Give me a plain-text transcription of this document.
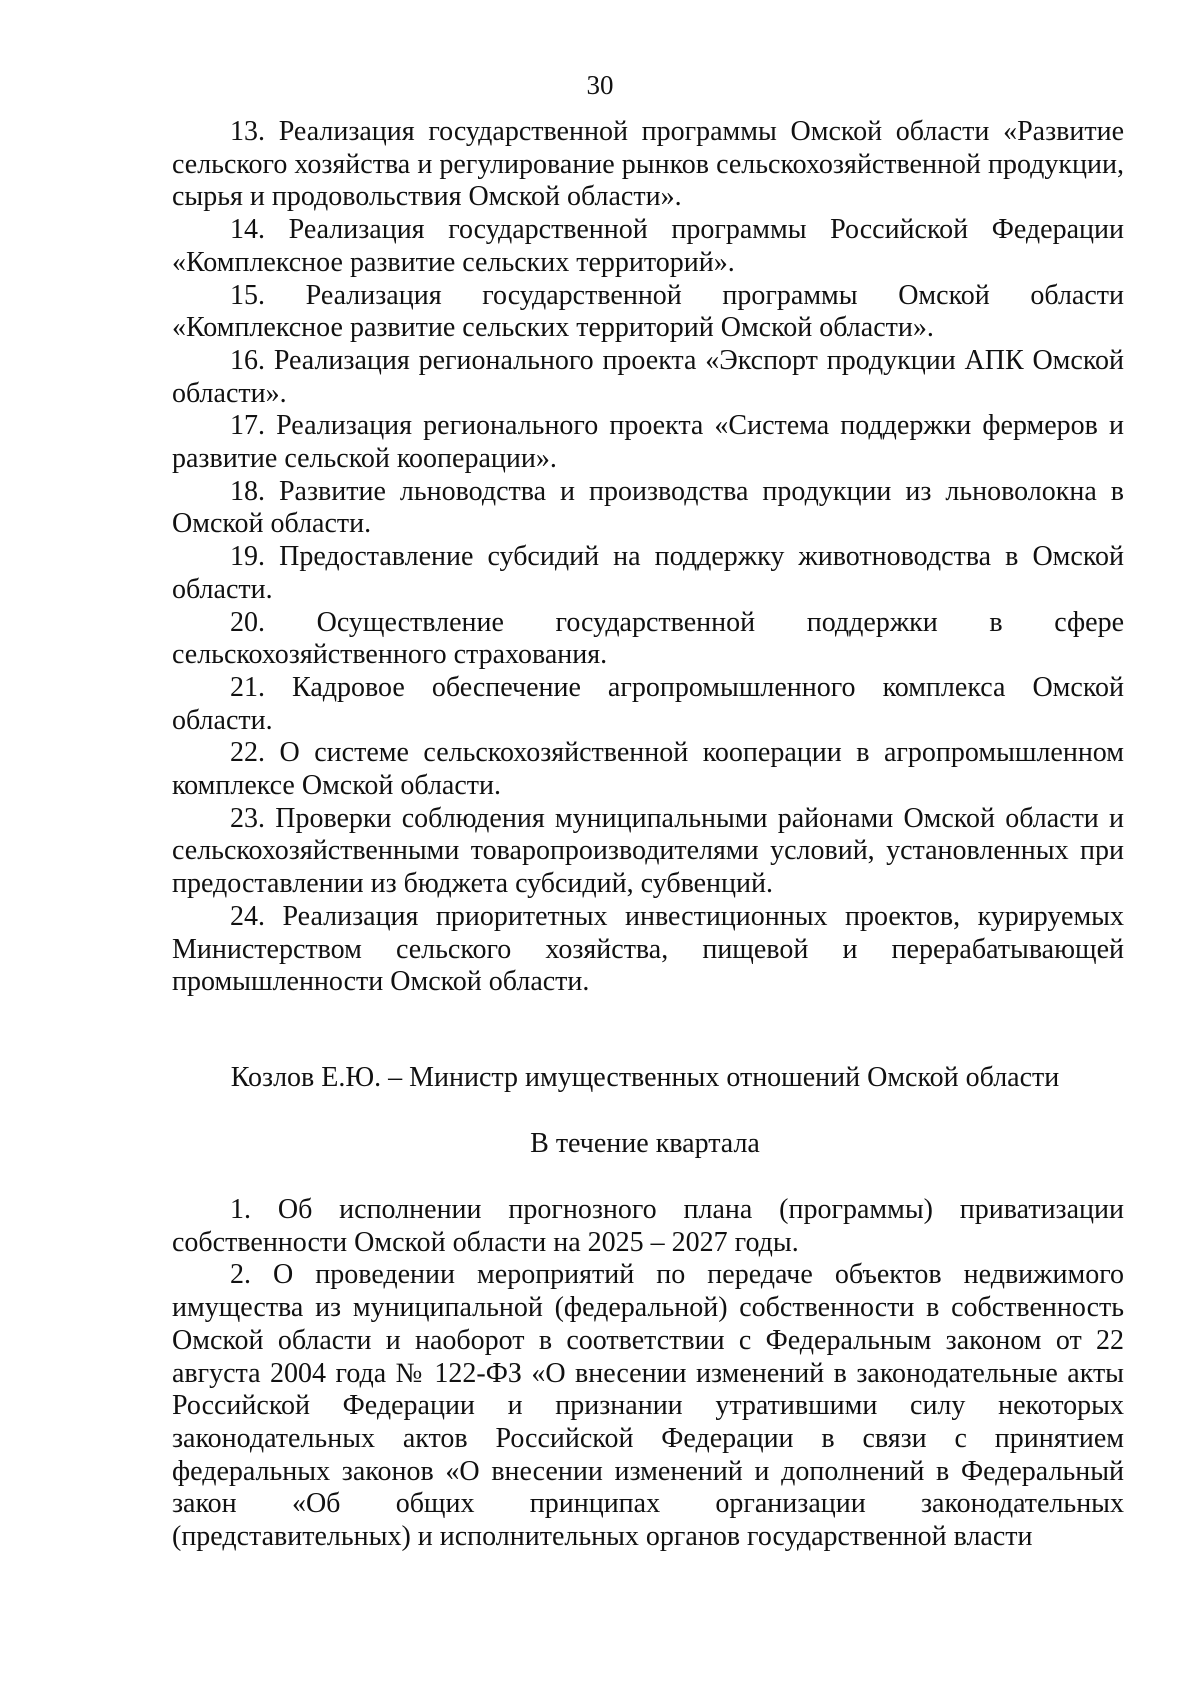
30

13. Реализация государственной программы Омской области «Развитие сельского хозяйства и регулирование рынков сельскохозяйственной продукции, сырья и продовольствия Омской области».

14. Реализация государственной программы Российской Федерации «Комплексное развитие сельских территорий».

15. Реализация государственной программы Омской области «Комплексное развитие сельских территорий Омской области».

16. Реализация регионального проекта «Экспорт продукции АПК Омской области».

17. Реализация регионального проекта «Система поддержки фермеров и развитие сельской кооперации».

18. Развитие льноводства и производства продукции из льноволокна в Омской области.

19. Предоставление субсидий на поддержку животноводства в Омской области.

20. Осуществление государственной поддержки в сфере сельскохозяйственного страхования.

21. Кадровое обеспечение агропромышленного комплекса Омской области.

22. О системе сельскохозяйственной кооперации в агропромышленном комплексе Омской области.

23. Проверки соблюдения муниципальными районами Омской области и сельскохозяйственными товаропроизводителями условий, установленных при предоставлении из бюджета субсидий, субвенций.

24. Реализация приоритетных инвестиционных проектов, курируемых Министерством сельского хозяйства, пищевой и перерабатывающей промышленности Омской области.

Козлов Е.Ю. – Министр имущественных отношений Омской области

В течение квартала

1. Об исполнении прогнозного плана (программы) приватизации собственности Омской области на 2025 – 2027 годы.

2. О проведении мероприятий по передаче объектов недвижимого имущества из муниципальной (федеральной) собственности в собственность Омской области и наоборот в соответствии с Федеральным законом от 22 августа 2004 года № 122-ФЗ «О внесении изменений в законодательные акты Российской Федерации и признании утратившими силу некоторых законодательных актов Российской Федерации в связи с принятием федеральных законов «О внесении изменений и дополнений в Федеральный закон «Об общих принципах организации законодательных (представительных) и исполнительных органов государственной власти
